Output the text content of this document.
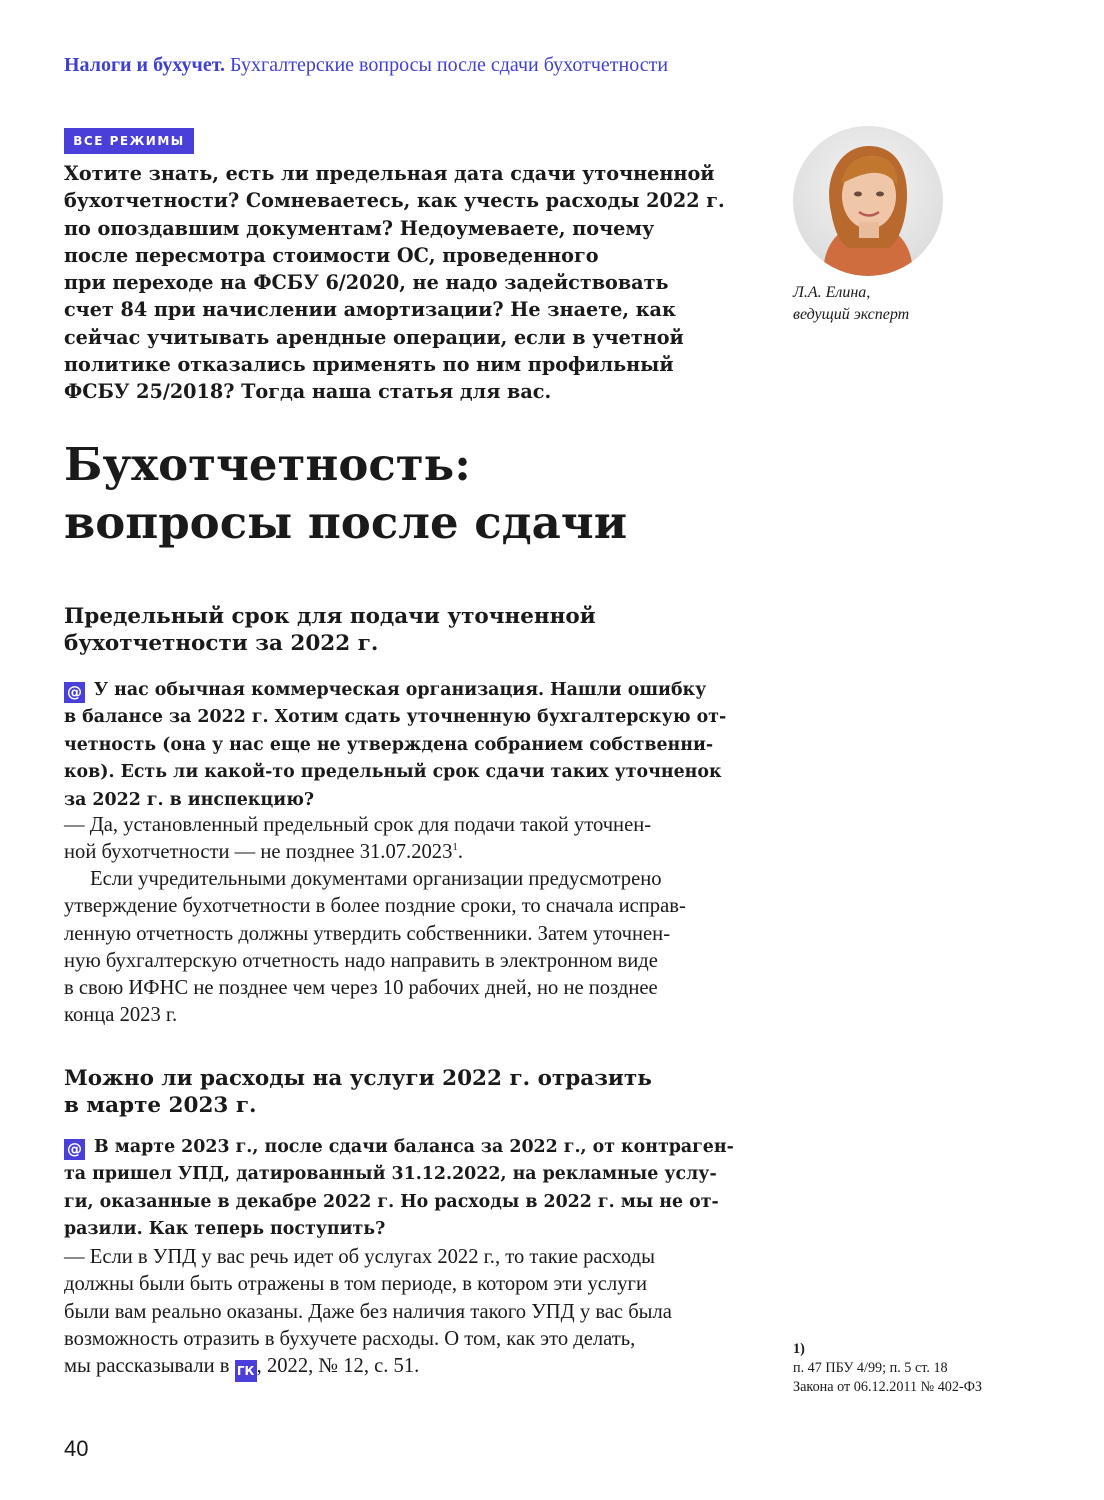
Налоги и бухучет. Бухгалтерские вопросы после сдачи бухотчетности
ВСЕ РЕЖИМЫ
Хотите знать, есть ли предельная дата сдачи уточненной
бухотчетности? Сомневаетесь, как учесть расходы 2022 г.
по опоздавшим документам? Недоумеваете, почему
после пересмотра стоимости ОС, проведенного
при переходе на ФСБУ 6/2020, не надо задействовать
счет 84 при начислении амортизации? Не знаете, как
сейчас учитывать арендные операции, если в учетной
политике отказались применять по ним профильный
ФСБУ 25/2018? Тогда наша статья для вас.
Л.А. Елина,
ведущий эксперт
Бухотчетность:
вопросы после сдачи
Предельный срок для подачи уточненной
бухотчетности за 2022 г.
@ У нас обычная коммерческая организация. Нашли ошибку
в балансе за 2022 г. Хотим сдать уточненную бухгалтерскую от-
четность (она у нас еще не утверждена собранием собственни-
ков). Есть ли какой-то предельный срок сдачи таких уточненок
за 2022 г. в инспекцию?
— Да, установленный предельный срок для подачи такой уточнен-
ной бухотчетности — не позднее 31.07.2023$^1$.
Если учредительными документами организации предусмотрено
утверждение бухотчетности в более поздние сроки, то сначала исправ-
ленную отчетность должны утвердить собственники. Затем уточнен-
ную бухгалтерскую отчетность надо направить в электронном виде
в свою ИФНС не позднее чем через 10 рабочих дней, но не позднее
конца 2023 г.
Можно ли расходы на услуги 2022 г. отразить
в марте 2023 г.
@ В марте 2023 г., после сдачи баланса за 2022 г., от контраген-
та пришел УПД, датированный 31.12.2022, на рекламные услу-
ги, оказанные в декабре 2022 г. Но расходы в 2022 г. мы не от-
разили. Как теперь поступить?
— Если в УПД у вас речь идет об услугах 2022 г., то такие расходы
должны были быть отражены в том периоде, в котором эти услуги
были вам реально оказаны. Даже без наличия такого УПД у вас была
возможность отразить в бухучете расходы. О том, как это делать,
мы рассказывали в ГК , 2022, № 12, с. 51.
1)
п. 47 ПБУ 4/99; п. 5 ст. 18
Закона от 06.12.2011 № 402-ФЗ
40
